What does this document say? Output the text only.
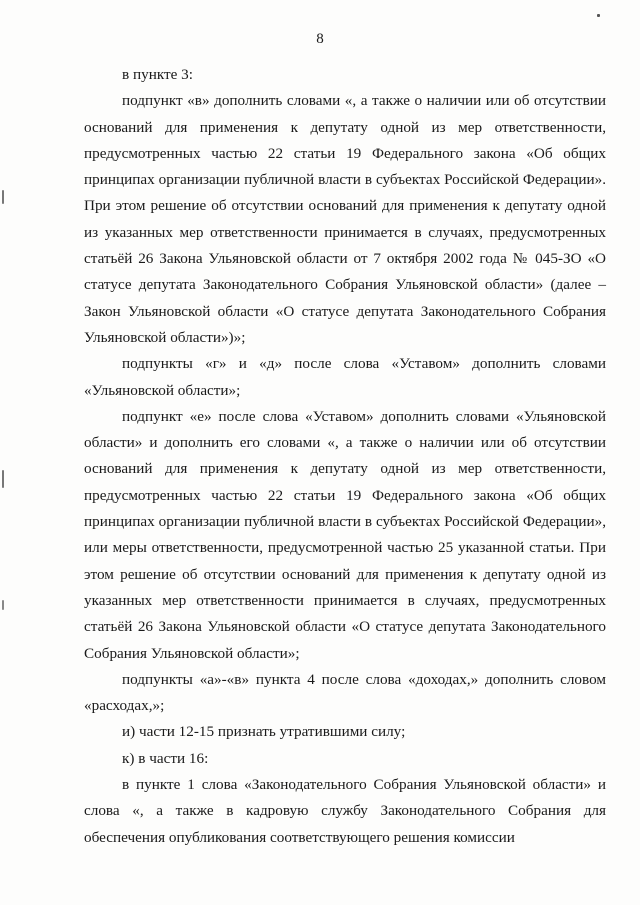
8

в пункте 3:

подпункт «в» дополнить словами «, а также о наличии или об отсутствии оснований для применения к депутату одной из мер ответственности, предусмотренных частью 22 статьи 19 Федерального закона «Об общих принципах организации публичной власти в субъектах Российской Федерации». При этом решение об отсутствии оснований для применения к депутату одной из указанных мер ответственности принимается в случаях, предусмотренных статьёй 26 Закона Ульяновской области от 7 октября 2002 года № 045-ЗО «О статусе депутата Законодательного Собрания Ульяновской области» (далее – Закон Ульяновской области «О статусе депутата Законодательного Собрания Ульяновской области»)»;

подпункты «г» и «д» после слова «Уставом» дополнить словами «Ульяновской области»;

подпункт «е» после слова «Уставом» дополнить словами «Ульяновской области» и дополнить его словами «, а также о наличии или об отсутствии оснований для применения к депутату одной из мер ответственности, предусмотренных частью 22 статьи 19 Федерального закона «Об общих принципах организации публичной власти в субъектах Российской Федерации», или меры ответственности, предусмотренной частью 25 указанной статьи. При этом решение об отсутствии оснований для применения к депутату одной из указанных мер ответственности принимается в случаях, предусмотренных статьёй 26 Закона Ульяновской области «О статусе депутата Законодательного Собрания Ульяновской области»;

подпункты «а»-«в» пункта 4 после слова «доходах,» дополнить словом «расходах,»;

и) части 12-15 признать утратившими силу;

к) в части 16:

в пункте 1 слова «Законодательного Собрания Ульяновской области» и слова «, а также в кадровую службу Законодательного Собрания для обеспечения опубликования соответствующего решения комиссии
